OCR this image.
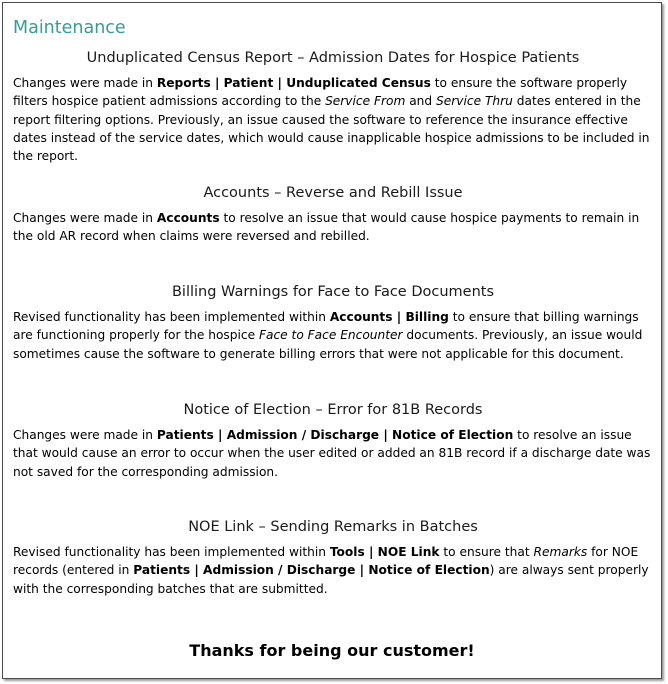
Maintenance
Unduplicated Census Report – Admission Dates for Hospice Patients

Changes were made in Reports | Patient | Unduplicated Census to ensure the software properly filters hospice patient admissions according to the Service From and Service Thru dates entered in the report filtering options. Previously, an issue caused the software to reference the insurance effective dates instead of the service dates, which would cause inapplicable hospice admissions to be included in the report.

Accounts – Reverse and Rebill Issue

Changes were made in Accounts to resolve an issue that would cause hospice payments to remain in the old AR record when claims were reversed and rebilled.

Billing Warnings for Face to Face Documents

Revised functionality has been implemented within Accounts | Billing to ensure that billing warnings are functioning properly for the hospice Face to Face Encounter documents. Previously, an issue would sometimes cause the software to generate billing errors that were not applicable for this document.

Notice of Election – Error for 81B Records

Changes were made in Patients | Admission / Discharge | Notice of Election to resolve an issue that would cause an error to occur when the user edited or added an 81B record if a discharge date was not saved for the corresponding admission.

NOE Link – Sending Remarks in Batches

Revised functionality has been implemented within Tools | NOE Link to ensure that Remarks for NOE records (entered in Patients | Admission / Discharge | Notice of Election) are always sent properly with the corresponding batches that are submitted.

Thanks for being our customer!
